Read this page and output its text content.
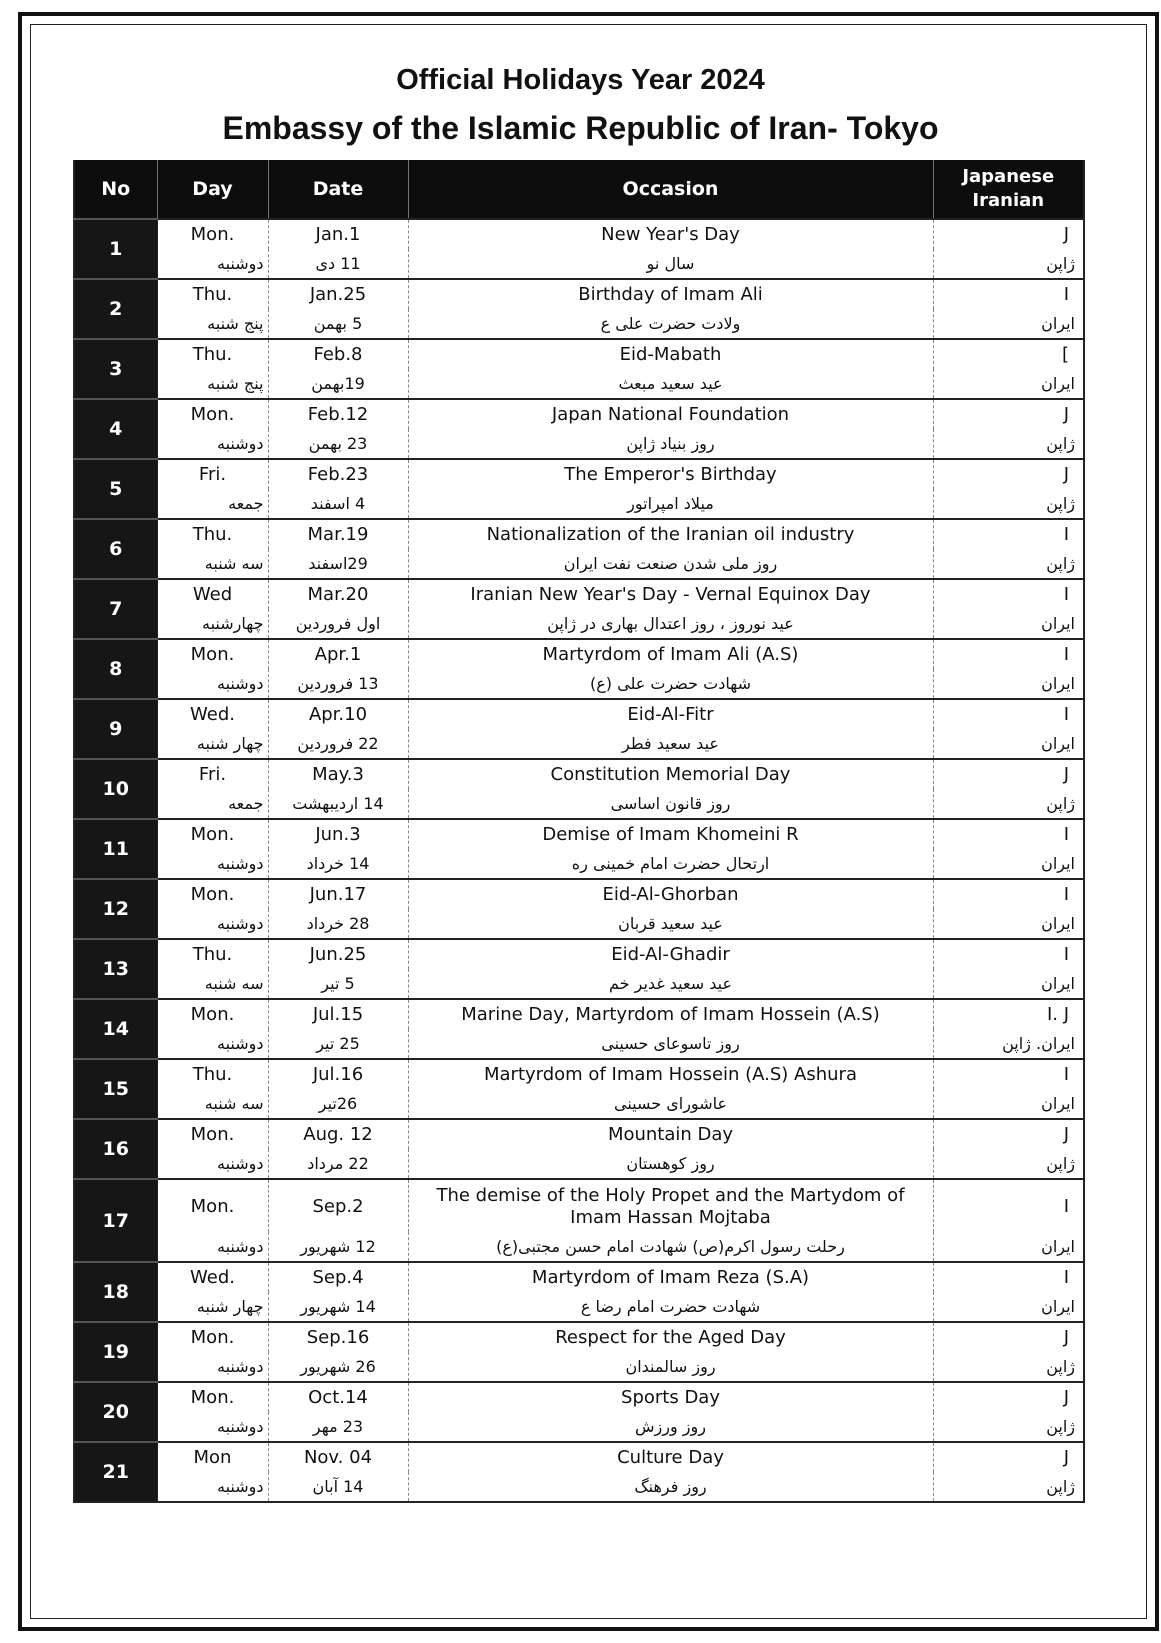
Official Holidays Year 2024
Embassy of the Islamic Republic of Iran- Tokyo
No	Day	Date	Occasion	Japanese
Iranian

1	Mon.	Jan.1	New Year's Day	J
	دوشنبه	11 دی	سال نو	ژاپن
2	Thu.	Jan.25	Birthday of Imam Ali	I
	پنج شنبه	5 بهمن	ولادت حضرت علی ع	ایران
3	Thu.	Feb.8	Eid-Mabath	[
	پنج شنبه	19بهمن	عید سعید مبعث	ایران
4	Mon.	Feb.12	Japan National Foundation	J
	دوشنبه	23 بهمن	روز بنیاد ژاپن	ژاپن
5	Fri.	Feb.23	The Emperor's Birthday	J
	جمعه	4 اسفند	میلاد امپراتور	ژاپن
6	Thu.	Mar.19	Nationalization of the Iranian oil industry	I
	سه شنبه	29اسفند	روز ملی شدن صنعت نفت ایران	ژاپن
7	Wed	Mar.20	Iranian New Year's Day - Vernal Equinox Day	I
	چهارشنبه	اول فروردین	عید نوروز ، روز اعتدال بهاری در ژاپن	ایران
8	Mon.	Apr.1	Martyrdom of Imam Ali (A.S)	I
	دوشنبه	13 فروردین	شهادت حضرت علی (ع)	ایران
9	Wed.	Apr.10	Eid-Al-Fitr	I
	چهار شنبه	22 فروردین	عید سعید فطر	ایران
10	Fri.	May.3	Constitution Memorial Day	J
	جمعه	14 اردیبهشت	روز قانون اساسی	ژاپن
11	Mon.	Jun.3	Demise of Imam Khomeini R	I
	دوشنبه	14 خرداد	ارتحال حضرت امام خمینی ره	ایران
12	Mon.	Jun.17	Eid-Al-Ghorban	I
	دوشنبه	28 خرداد	عید سعید قربان	ایران
13	Thu.	Jun.25	Eid-Al-Ghadir	I
	سه شنبه	5 تیر	عید سعید غدیر خم	ایران
14	Mon.	Jul.15	Marine Day, Martyrdom of Imam Hossein (A.S)	I. J
	دوشنبه	25 تیر	روز تاسوعای حسینی	ایران. ژاپن
15	Thu.	Jul.16	Martyrdom of Imam Hossein (A.S) Ashura	I
	سه شنبه	26تیر	عاشورای حسینی	ایران
16	Mon.	Aug. 12	Mountain Day	J
	دوشنبه	22 مرداد	روز کوهستان	ژاپن
17	Mon.	Sep.2	The demise of the Holy Propet and the Martydom of Imam Hassan Mojtaba	I
	دوشنبه	12 شهریور	رحلت رسول اکرم(ص) شهادت امام حسن مجتبی(ع)	ایران
18	Wed.	Sep.4	Martyrdom of Imam Reza (S.A)	I
	چهار شنبه	14 شهریور	شهادت حضرت امام رضا ع	ایران
19	Mon.	Sep.16	Respect for the Aged Day	J
	دوشنبه	26 شهریور	روز سالمندان	ژاپن
20	Mon.	Oct.14	Sports Day	J
	دوشنبه	23 مهر	روز ورزش	ژاپن
21	Mon	Nov. 04	Culture Day	J
	دوشنبه	14 آبان	روز فرهنگ	ژاپن
